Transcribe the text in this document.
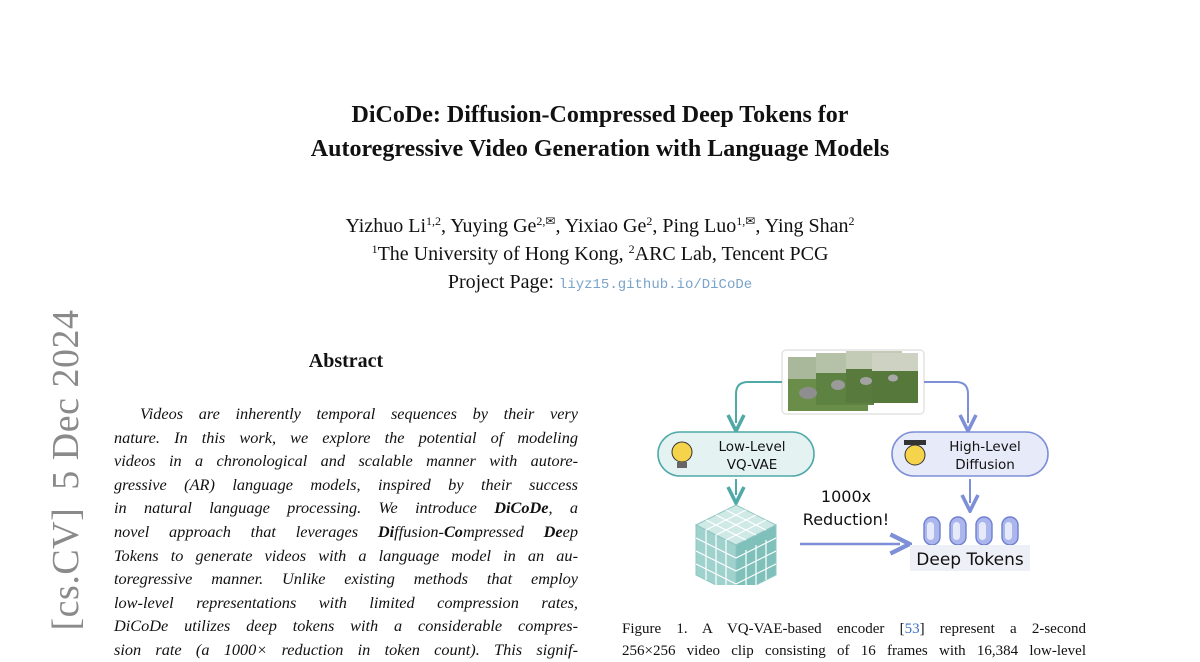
DiCoDe: Diffusion-Compressed Deep Tokens for
Autoregressive Video Generation with Language Models
Yizhuo Li$^{1,2}$, Yuying $Ge^{2,✉}$, Yixiao Ge$^2$, Ping Luo$^{1,✉}$, Ying Shan$^2$
$^1$The University of Hong Kong, $^2$ARC Lab, Tencent PCG
Project Page: liyz15.github.io/DiCoDe
[cs.CV]5 Dec 2024	Abstract
Videos are inherently temporal sequences by their very
nature. In this work, we explore the potential of modeling
videos in a chronological and scalable manner with autore-
gressive (AR) language models, inspired by their success
in natural language processing. We introduce DiCoDe, a
novel approach that leverages Diffusion-Compressed Deep
Tokens to generate videos with a language model in an au-
toregressive manner. Unlike existing methods that employ
low-level representations with limited compression rates,
DiCoDe utilizes deep tokens with a considerable compres-
sion rate (a 1000× reduction in token count). This signif-
Low-Level
VQ-VAE
High-Level
Diffusion
1000x
Reduction!
Deep Tokens
Figure 1. A VQ-VAE-based encoder [53] represent a 2-second
256×256 video clip consisting of 16 frames with 16,384 low-level
